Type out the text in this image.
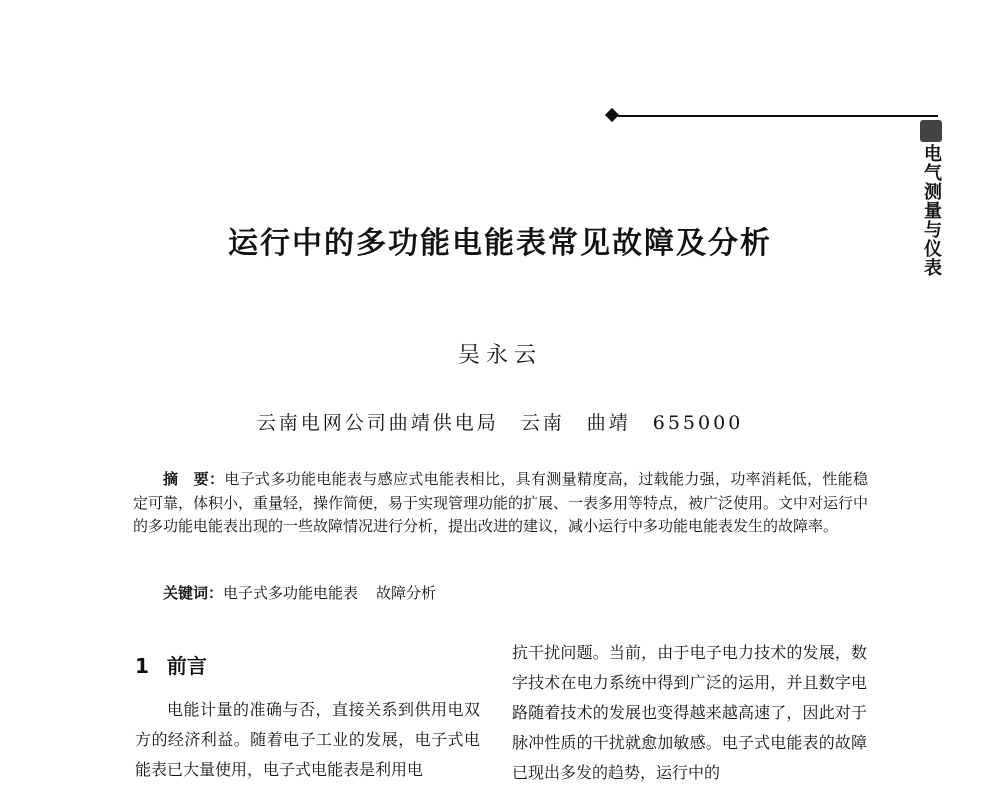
电气测量与仪表
运行中的多功能电能表常见故障及分析

吴永云

云南电网公司曲靖供电局 云南 曲靖 655000

摘　要：电子式多功能电能表与感应式电能表相比，具有测量精度高，过载能力强，功率消耗低，性能稳定可靠，体积小，重量轻，操作简便，易于实现管理功能的扩展、一表多用等特点，被广泛使用。文中对运行中的多功能电能表出现的一些故障情况进行分析，提出改进的建议，减小运行中多功能电能表发生的故障率。

关键词：电子式多功能电能表 故障分析

1 前言

电能计量的准确与否，直接关系到供用电双方的经济利益。随着电子工业的发展，电子式电能表已大量使用，电子式电能表是利用电

抗干扰问题。当前，由于电子电力技术的发展，数字技术在电力系统中得到广泛的运用，并且数字电路随着技术的发展也变得越来越高速了，因此对于脉冲性质的干扰就愈加敏感。电子式电能表的故障已现出多发的趋势，运行中的
